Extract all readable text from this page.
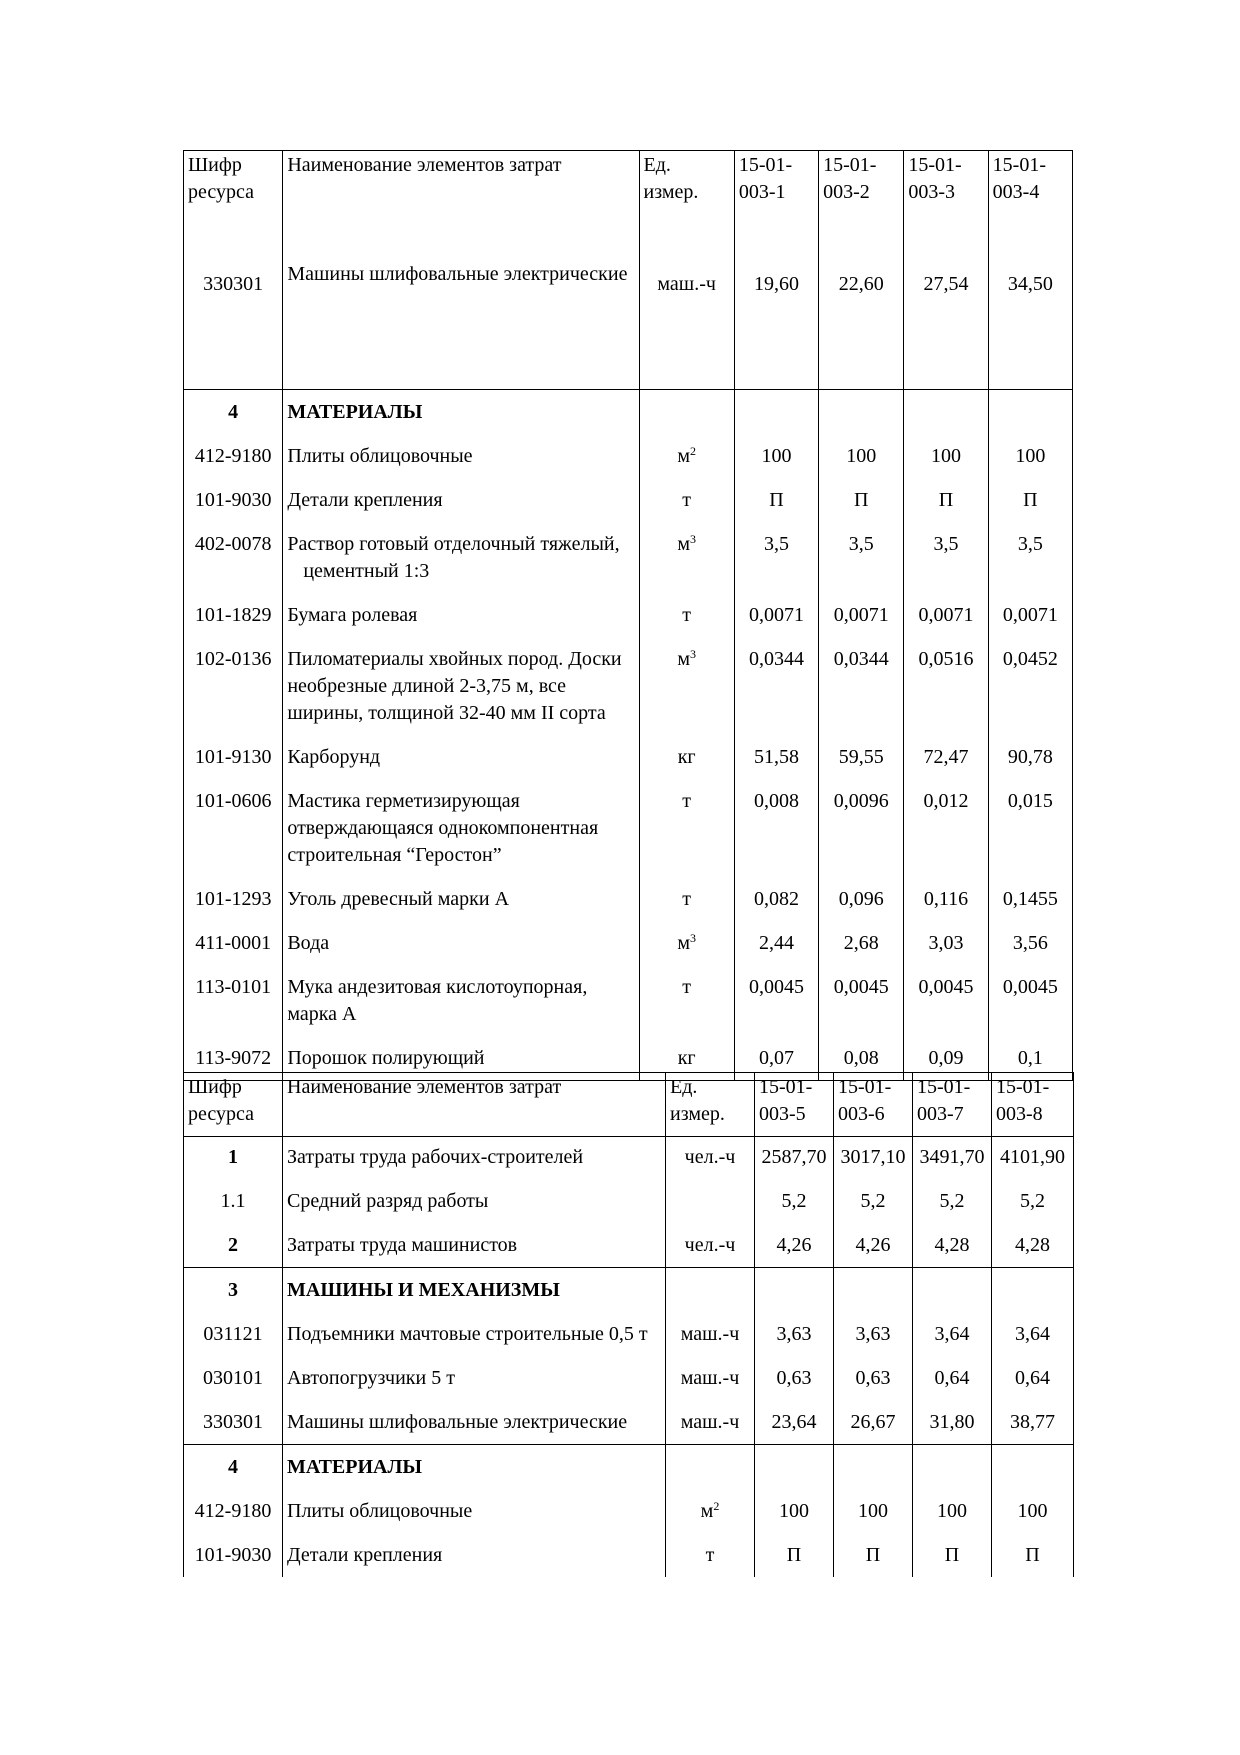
Шифр ресурса	Наименование элементов затрат	Ед. измер.	15-01-003-1	15-01-003-2	15-01-003-3	15-01-003-4
330301	Машины шлифовальные электрические	маш.-ч	19,60	22,60	27,54	34,50
4	МАТЕРИАЛЫ					
412-9180	Плиты облицовочные	$м^2$	100	100	100	100
101-9030	Детали крепления	т	П	П	П	П
402-0078	Раствор готовый отделочный тяжелый, цементный 1:3	$м^3$	3,5	3,5	3,5	3,5
101-1829	Бумага ролевая	т	0,0071	0,0071	0,0071	0,0071
102-0136	Пиломатериалы хвойных пород. Доски необрезные длиной 2-3,75 м, все ширины, толщиной 32-40 мм II сорта	$м^3$	0,0344	0,0344	0,0516	0,0452
101-9130	Карборунд	кг	51,58	59,55	72,47	90,78
101-0606	Мастика герметизирующая отверждающаяся однокомпонентная строительная “Геростон”	т	0,008	0,0096	0,012	0,015
101-1293	Уголь древесный марки А	т	0,082	0,096	0,116	0,1455
411-0001	Вода	$м^3$	2,44	2,68	3,03	3,56
113-0101	Мука андезитовая кислотоупорная, марка А	т	0,0045	0,0045	0,0045	0,0045
113-9072	Порошок полирующий	кг	0,07	0,08	0,09	0,1
Шифр ресурса	Наименование элементов затрат	Ед. измер.	15-01-003-5	15-01-003-6	15-01-003-7	15-01-003-8
1	Затраты труда рабочих-строителей	чел.-ч	2587,70	3017,10	3491,70	4101,90
1.1	Средний разряд работы		5,2	5,2	5,2	5,2
2	Затраты труда машинистов	чел.-ч	4,26	4,26	4,28	4,28
3	МАШИНЫ И МЕХАНИЗМЫ					
031121	Подъемники мачтовые строительные 0,5 т	маш.-ч	3,63	3,63	3,64	3,64
030101	Автопогрузчики 5 т	маш.-ч	0,63	0,63	0,64	0,64
330301	Машины шлифовальные электрические	маш.-ч	23,64	26,67	31,80	38,77
4	МАТЕРИАЛЫ					
412-9180	Плиты облицовочные	$м^2$	100	100	100	100
101-9030	Детали крепления	т	П	П	П	П
